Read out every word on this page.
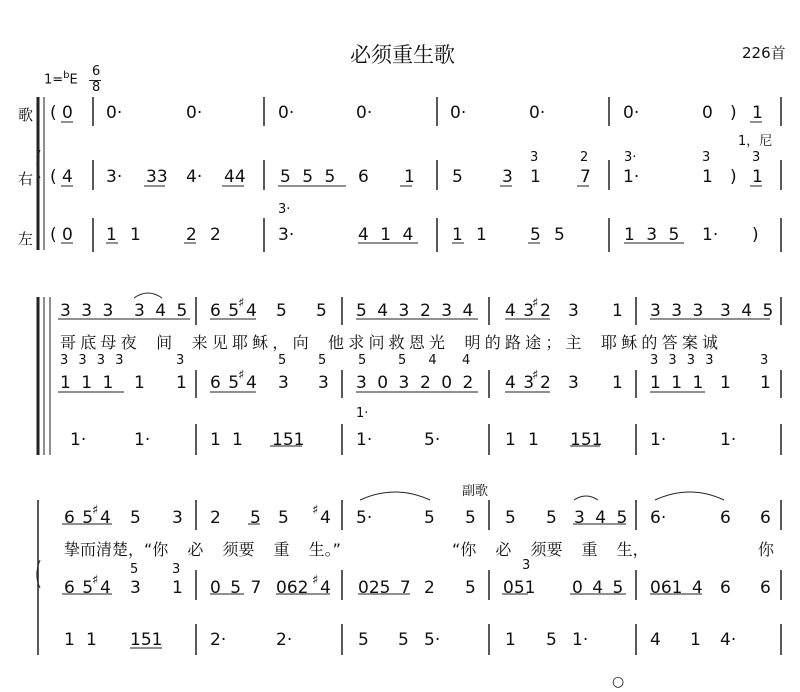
必须重生歌	226首
1=$^b$E
6
8
歌
右
左
( 0 0·	0·	0·	0·	0·	0·	0·	0 ) 1
1，尼
3	2	3·	3	3
( 4 3· 33 4· 44 5 5 5 6 1 5 3 1 7 1·	1 ) 1
3·
( 0 1 1	2 2	3·	4 1 4 1 1	5 5	1 3 5 1· )
3 3 3 3 4 5 6 5
♯ 4 5 5 5 4 3 2 3 4 4 3
♯ 2 3 1 3 3 3 3 4 5
哥底母夜 间 来见耶稣，向 他求问救恩光 明的路途；主 耶稣的答案诚
3 3 3 3	3	5 5 5 5 4 4	3 3 3 3	3
1 1 1 1 1 6 5
♯ 4 3 3 3 0 3 2 0 2 4 3
♯ 2 3 1 1 1 1 1 1
1·
1·	1·	1 1 151	1·	5·	1 1 151	1·	1·
副歌
6 5
♯ 4 5 3 2 5 5 ♯ 4 5·	5 5 5 5 3 4 5 6·	6 6
挚而清楚，“你 必 须要 重 生。”	“你 必 须要 重 生，	你
5	3	3
6 5
♯ 4 3 1 0 5 7 062 ♯ 4 025 7 2 5 051 0 4 5 061 4 6 6
1 1 151	2·	2·	5 5 5·	1 5 1·	4 1 4·
○
